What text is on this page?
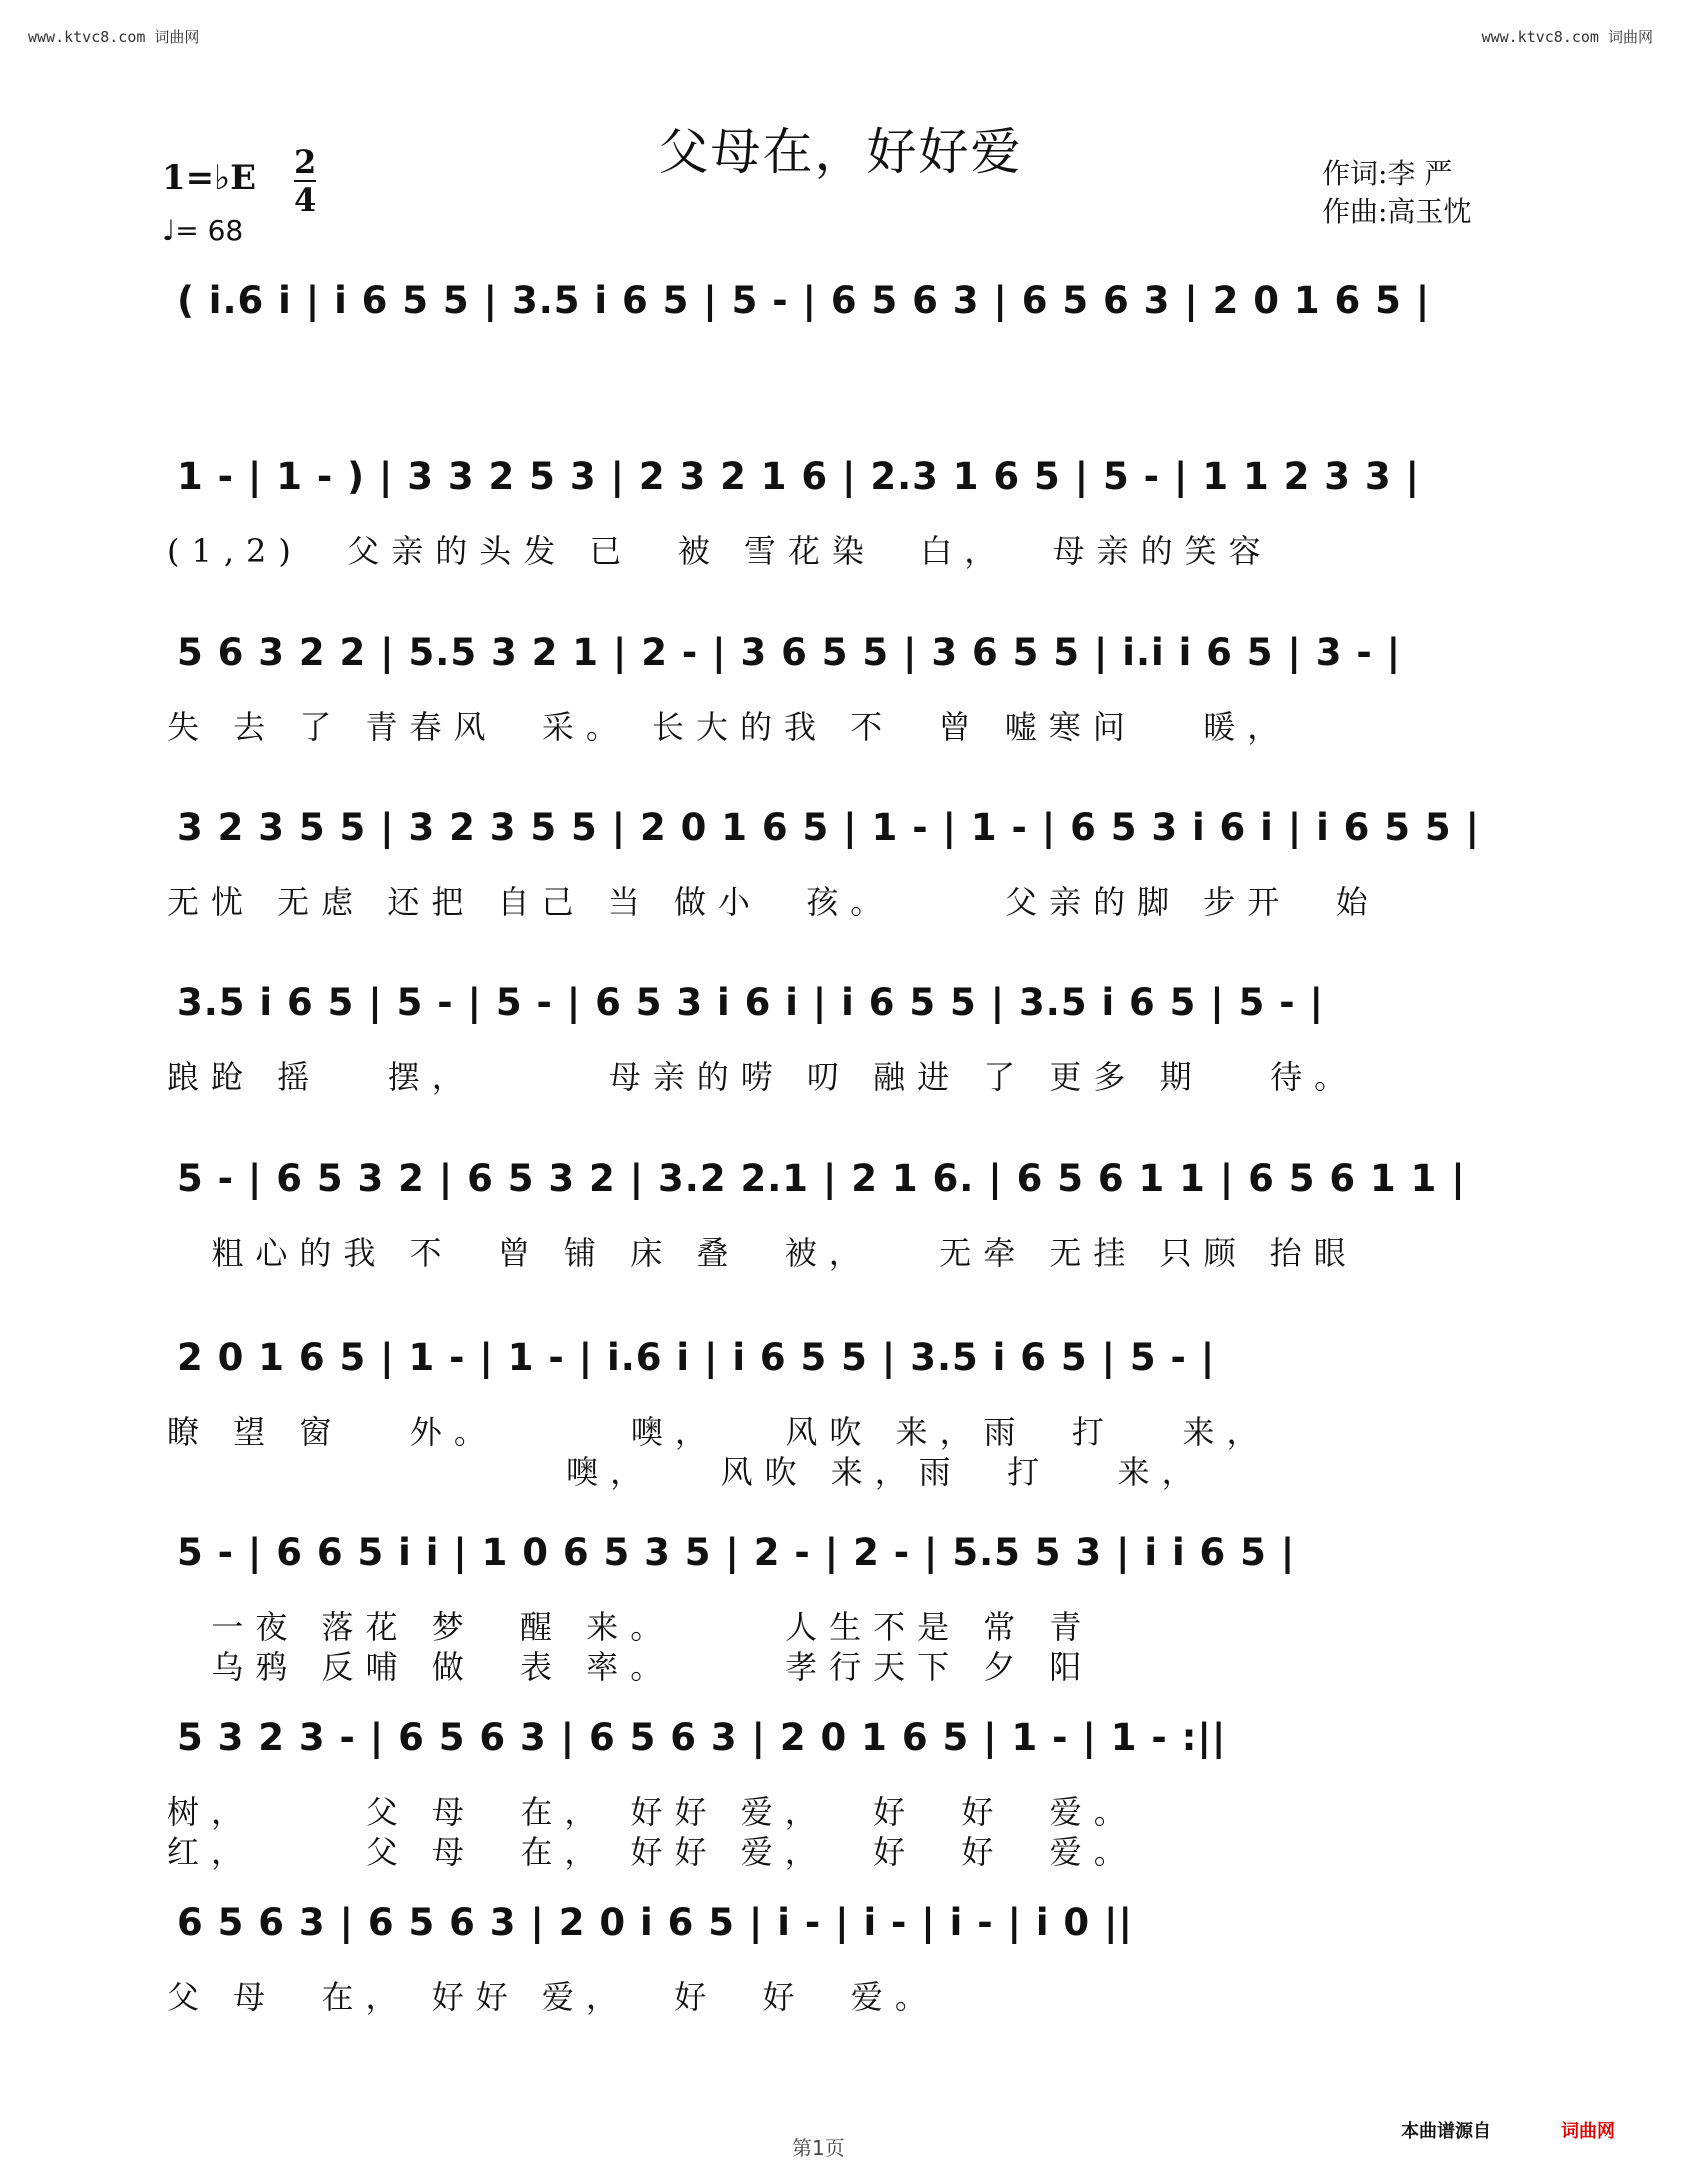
www.ktvc8.com 词曲网	www.ktvc8.com 词曲网
父母在，好好爱	作词:李 严
作曲:高玉忱
1=♭E 2
4
♩= 68
( i.6 i | i 6 5 5 | 3.5 i 6 5 | 5 - | 6 5 6 3 | 6 5 6 3 | 2 0 1 6 5 |
1 - | 1 - ) | 3 3 2 5 3 | 2 3 2 1 6 | 2.3 1 6 5 | 5 - | 1 1 2 3 3 |
(1,2)  父亲的头发 已  被 雪花染  白，  母亲的笑容
5 6 3 2 2 | 5.5 3 2 1 | 2 - | 3 6 5 5 | 3 6 5 5 | i.i i 6 5 | 3 - |
失 去 了 青春风  采。 长大的我 不  曾 嘘寒问   暖，
3 2 3 5 5 | 3 2 3 5 5 | 2 0 1 6 5 | 1 - | 1 - | 6 5 3 i 6 i | i 6 5 5 |
无忧 无虑 还把 自己 当 做小  孩。     父亲的脚 步开  始
3.5 i 6 5 | 5 - | 5 - | 6 5 3 i 6 i | i 6 5 5 | 3.5 i 6 5 | 5 - |
踉跄 摇   摆，      母亲的唠 叨 融进 了 更多 期   待。
5 - | 6 5 3 2 | 6 5 3 2 | 3.2 2.1 | 2 1 6. | 6 5 6 1 1 | 6 5 6 1 1 |
粗心的我 不  曾 铺 床 叠  被，   无牵 无挂 只顾 抬眼
2 0 1 6 5 | 1 - | 1 - | i.6 i | i 6 5 5 | 3.5 i 6 5 | 5 - |
瞭 望 窗   外。      噢，   风吹 来，雨  打   来，
噢，   风吹 来，雨  打   来，
5 - | 6 6 5 i i | 1 0 6 5 3 5 | 2 - | 2 - | 5.5 5 3 | i i 6 5 |
一夜 落花 梦  醒 来。     人生不是 常 青
乌鸦 反哺 做  表 率。     孝行天下 夕 阳
5 3 2 3 - | 6 5 6 3 | 6 5 6 3 | 2 0 1 6 5 | 1 - | 1 - :||
树，     父 母  在， 好好 爱，  好  好  爱。
红，     父 母  在， 好好 爱，  好  好  爱。
6 5 6 3 | 6 5 6 3 | 2 0 i 6 5 | i - | i - | i - | i 0 ||
父 母  在， 好好 爱，  好  好  爱。
本曲谱源自	词曲网
第1页
